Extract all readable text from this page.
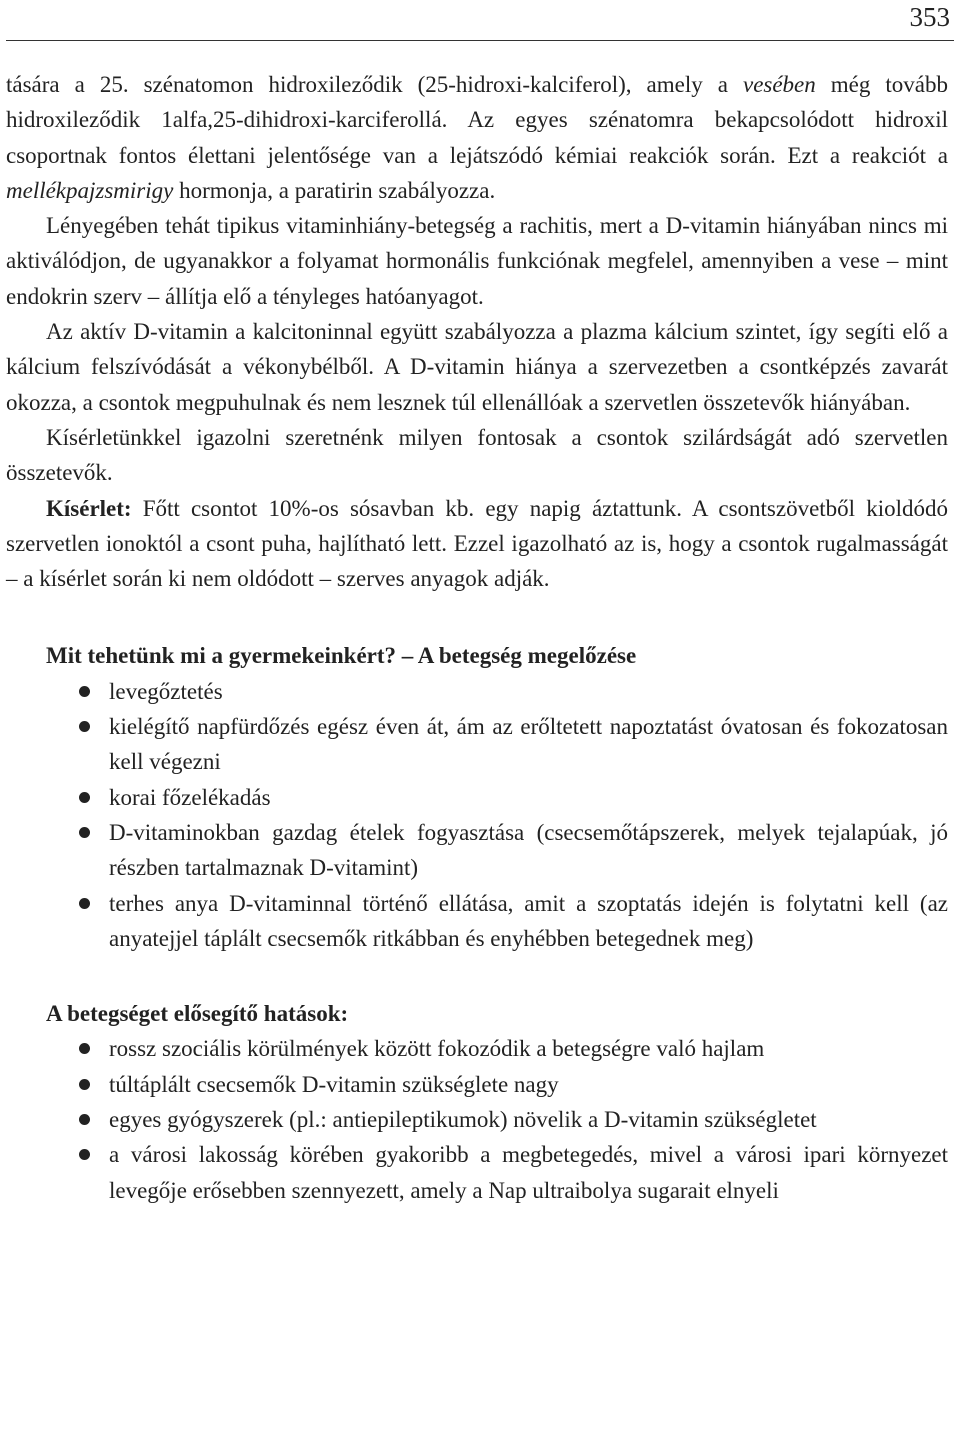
353

tására a 25. szénatomon hidroxileződik (25-hidroxi-kalciferol), amely a vesében még tovább hidroxileződik 1alfa,25-dihidroxi-karciferollá. Az egyes szénatomra bekapcsolódott hidroxil csoportnak fontos élettani jelentősége van a lejátszódó kémiai reakciók során. Ezt a reakciót a mellékpajzsmirigy hormonja, a paratirin szabályozza.

Lényegében tehát tipikus vitaminhiány-betegség a rachitis, mert a D-vitamin hiányában nincs mi aktiválódjon, de ugyanakkor a folyamat hormonális funkciónak megfelel, amennyiben a vese – mint endokrin szerv – állítja elő a tényleges hatóanyagot.

Az aktív D-vitamin a kalcitoninnal együtt szabályozza a plazma kálcium szintet, így segíti elő a kálcium felszívódását a vékonybélből. A D-vitamin hiánya a szervezetben a csontképzés zavarát okozza, a csontok megpuhulnak és nem lesznek túl ellenállóak a szervetlen összetevők hiányában.

Kísérletünkkel igazolni szeretnénk milyen fontosak a csontok szilárdságát adó szervetlen összetevők.

Kísérlet: Főtt csontot 10%-os sósavban kb. egy napig áztattunk. A csontszövetből kioldódó szervetlen ionoktól a csont puha, hajlítható lett. Ezzel igazolható az is, hogy a csontok rugalmasságát – a kísérlet során ki nem oldódott – szerves anyagok adják.

Mit tehetünk mi a gyermekeinkért? – A betegség megelőzése
levegőztetés
kielégítő napfürdőzés egész éven át, ám az erőltetett napoztatást óvatosan és fokozatosan kell végezni
korai főzelékadás
D-vitaminokban gazdag ételek fogyasztása (csecsemőtápszerek, melyek tejalapúak, jó részben tartalmaznak D-vitamint)
terhes anya D-vitaminnal történő ellátása, amit a szoptatás idején is folytatni kell (az anyatejjel táplált csecsemők ritkábban és enyhébben betegednek meg)
A betegséget elősegítő hatások:
rossz szociális körülmények között fokozódik a betegségre való hajlam
túltáplált csecsemők D-vitamin szükséglete nagy
egyes gyógyszerek (pl.: antiepileptikumok) növelik a D-vitamin szükségletet
a városi lakosság körében gyakoribb a megbetegedés, mivel a városi ipari környezet levegője erősebben szennyezett, amely a Nap ultraibolya sugarait elnyeli
